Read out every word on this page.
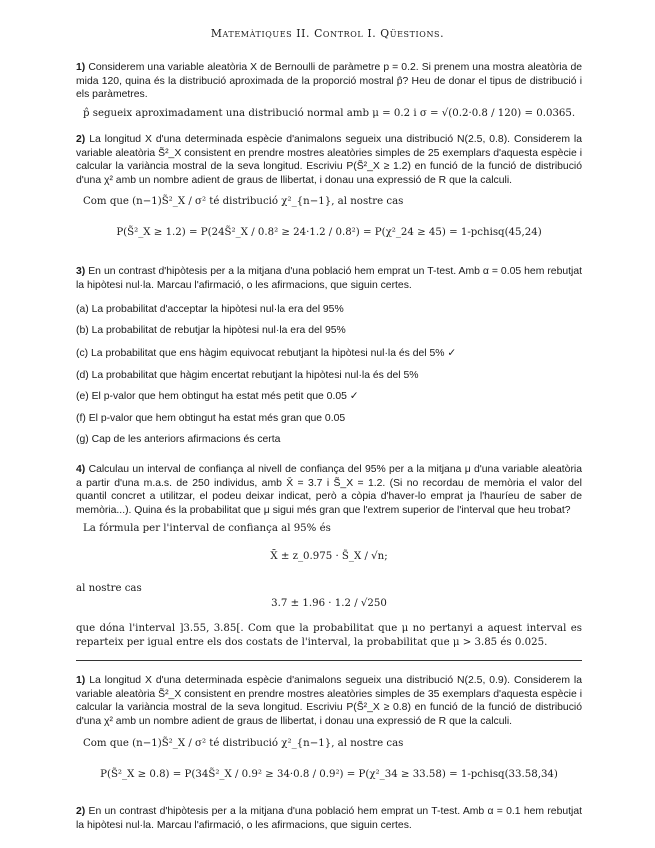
Matemàtiques II. Control I. Qüestions.
1) Considerem una variable aleatòria X de Bernoulli de paràmetre p = 0.2. Si prenem una mostra aleatòria de mida 120, quina és la distribució aproximada de la proporció mostral p̂? Heu de donar el tipus de distribució i els paràmetres.
p̂ segueix aproximadament una distribució normal amb μ = 0.2 i σ = √(0.2·0.8 / 120) = 0.0365.
2) La longitud X d'una determinada espècie d'animalons segueix una distribució N(2.5, 0.8). Considerem la variable aleatòria S̃²_X consistent en prendre mostres aleatòries simples de 25 exemplars d'aquesta espècie i calcular la variància mostral de la seva longitud. Escriviu P(S̃²_X ≥ 1.2) en funció de la funció de distribució d'una χ² amb un nombre adient de graus de llibertat, i donau una expressió de R que la calculi.
Com que (n−1)S̃²_X / σ² té distribució χ²_{n−1}, al nostre cas
P(S̃²_X ≥ 1.2) = P(24S̃²_X / 0.8² ≥ 24·1.2 / 0.8²) = P(χ²_24 ≥ 45) = 1-pchisq(45,24)
3) En un contrast d'hipòtesis per a la mitjana d'una població hem emprat un T-test. Amb α = 0.05 hem rebutjat la hipòtesi nul·la. Marcau l'afirmació, o les afirmacions, que siguin certes.
(a) La probabilitat d'acceptar la hipòtesi nul·la era del 95%
(b) La probabilitat de rebutjar la hipòtesi nul·la era del 95%
(c) La probabilitat que ens hàgim equivocat rebutjant la hipòtesi nul·la és del 5% ✓
(d) La probabilitat que hàgim encertat rebutjant la hipòtesi nul·la és del 5%
(e) El p-valor que hem obtingut ha estat més petit que 0.05 ✓
(f) El p-valor que hem obtingut ha estat més gran que 0.05
(g) Cap de les anteriors afirmacions és certa
4) Calculau un interval de confiança al nivell de confiança del 95% per a la mitjana μ d'una variable aleatòria a partir d'una m.a.s. de 250 individus, amb X̄ = 3.7 i S̃_X = 1.2. (Si no recordau de memòria el valor del quantil concret a utilitzar, el podeu deixar indicat, però a còpia d'haver-lo emprat ja l'hauríeu de saber de memòria...). Quina és la probabilitat que μ sigui més gran que l'extrem superior de l'interval que heu trobat?
La fórmula per l'interval de confiança al 95% és
X̄ ± z_0.975 · S̃_X / √n;
al nostre cas
3.7 ± 1.96 · 1.2 / √250
que dóna l'interval ]3.55, 3.85[. Com que la probabilitat que μ no pertanyi a aquest interval es reparteix per igual entre els dos costats de l'interval, la probabilitat que μ > 3.85 és 0.025.
1) La longitud X d'una determinada espècie d'animalons segueix una distribució N(2.5, 0.9). Considerem la variable aleatòria S̃²_X consistent en prendre mostres aleatòries simples de 35 exemplars d'aquesta espècie i calcular la variància mostral de la seva longitud. Escriviu P(S̃²_X ≥ 0.8) en funció de la funció de distribució d'una χ² amb un nombre adient de graus de llibertat, i donau una expressió de R que la calculi.
Com que (n−1)S̃²_X / σ² té distribució χ²_{n−1}, al nostre cas
P(S̃²_X ≥ 0.8) = P(34S̃²_X / 0.9² ≥ 34·0.8 / 0.9²) = P(χ²_34 ≥ 33.58) = 1-pchisq(33.58,34)
2) En un contrast d'hipòtesis per a la mitjana d'una població hem emprat un T-test. Amb α = 0.1 hem rebutjat la hipòtesi nul·la. Marcau l'afirmació, o les afirmacions, que siguin certes.
